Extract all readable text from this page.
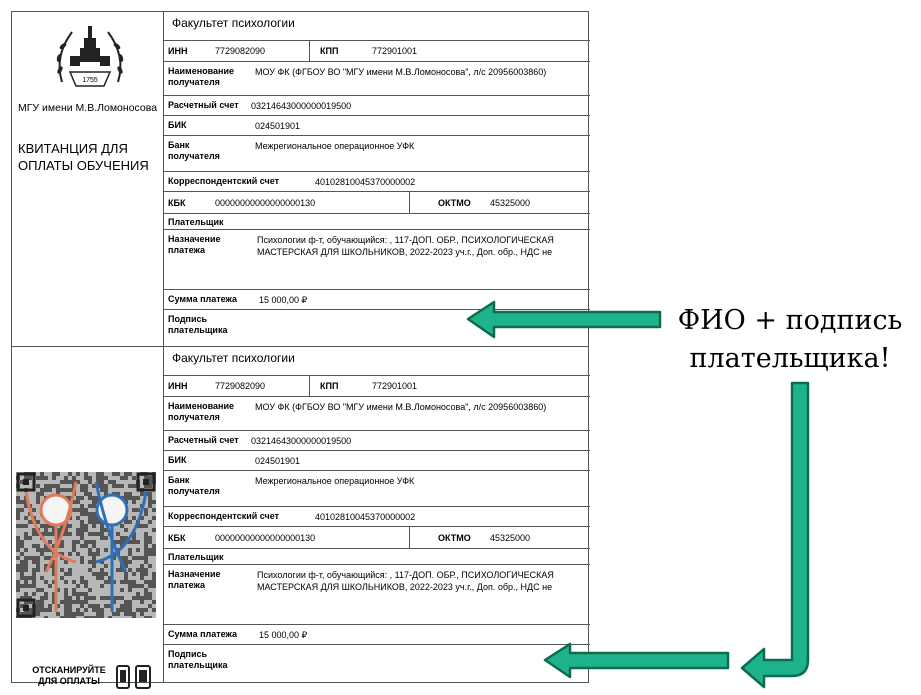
1755
МГУ имени М.В.Ломоносова
КВИТАНЦИЯ ДЛЯ ОПЛАТЫ ОБУЧЕНИЯ
Факультет психологии
ИНН	7729082090	КПП	772901001
Наименование получателя
МОУ ФК (ФГБОУ ВО "МГУ имени М.В.Ломоносова", л/с 20956003860)
Расчетный счет 03214643000000019500
БИК	024501901
Банк получателя
Межрегиональное операционное УФК
Корреспондентский счет	40102810045370000002
КБК	00000000000000000130	ОКТМО 45325000
Плательщик
Назначение платежа
Психологии ф-т, обучающийся: , 117-ДОП. ОБР., ПСИХОЛОГИЧЕСКАЯ МАСТЕРСКАЯ ДЛЯ ШКОЛЬНИКОВ, 2022-2023 уч.г., Доп. обр., НДС не
Сумма платежа 15 000,00 ₽
Подпись плательщика
ОТСКАНИРУЙТЕ ДЛЯ ОПЛАТЫ
Факультет психологии
ИНН	7729082090	КПП	772901001
Наименование получателя
МОУ ФК (ФГБОУ ВО "МГУ имени М.В.Ломоносова", л/с 20956003860)
Расчетный счет 03214643000000019500
БИК	024501901
Банк получателя
Межрегиональное операционное УФК
Корреспондентский счет	40102810045370000002
КБК	00000000000000000130	ОКТМО 45325000
Плательщик
Назначение платежа
Психологии ф-т, обучающийся: , 117-ДОП. ОБР., ПСИХОЛОГИЧЕСКАЯ МАСТЕРСКАЯ ДЛЯ ШКОЛЬНИКОВ, 2022-2023 уч.г., Доп. обр., НДС не
Сумма платежа 15 000,00 ₽
Подпись плательщика
ФИО + подпись плательщика!
